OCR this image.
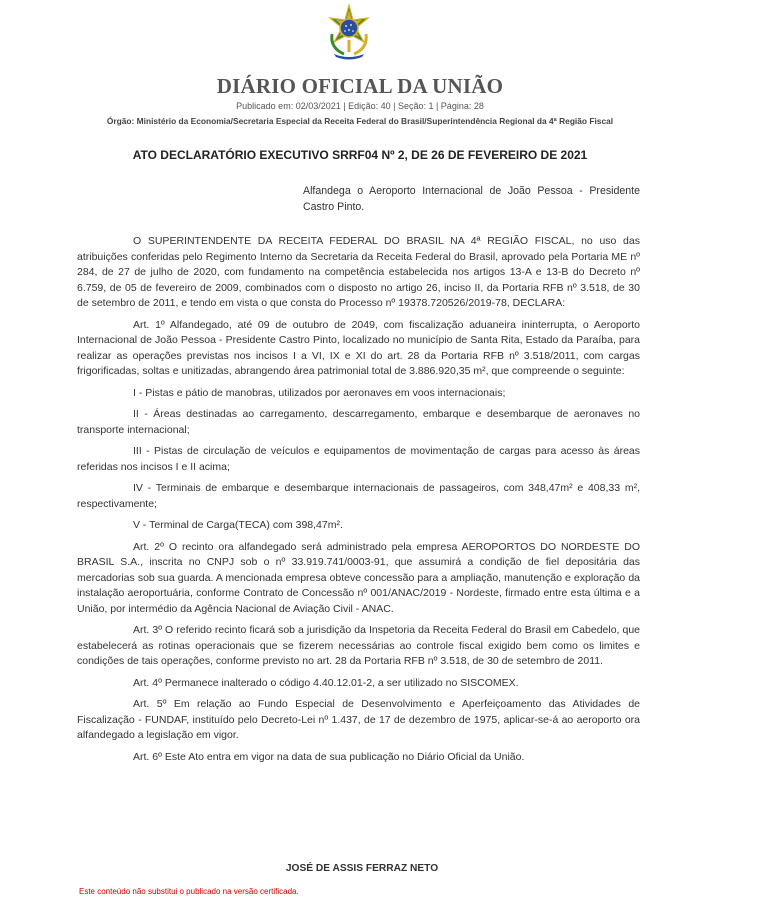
DIÁRIO OFICIAL DA UNIÃO
Publicado em: 02/03/2021 | Edição: 40 | Seção: 1 | Página: 28
Órgão: Ministério da Economia/Secretaria Especial da Receita Federal do Brasil/Superintendência Regional da 4ª Região Fiscal
ATO DECLARATÓRIO EXECUTIVO SRRF04 Nº 2, DE 26 DE FEVEREIRO DE 2021
Alfandega o Aeroporto Internacional de João Pessoa - Presidente Castro Pinto.

O SUPERINTENDENTE DA RECEITA FEDERAL DO BRASIL NA 4ª REGIÃO FISCAL, no uso das atribuições conferidas pelo Regimento Interno da Secretaria da Receita Federal do Brasil, aprovado pela Portaria ME nº 284, de 27 de julho de 2020, com fundamento na competência estabelecida nos artigos 13-A e 13-B do Decreto nº 6.759, de 05 de fevereiro de 2009, combinados com o disposto no artigo 26, inciso II, da Portaria RFB nº 3.518, de 30 de setembro de 2011, e tendo em vista o que consta do Processo nº 19378.720526/2019-78, DECLARA:

Art. 1º Alfandegado, até 09 de outubro de 2049, com fiscalização aduaneira ininterrupta, o Aeroporto Internacional de João Pessoa - Presidente Castro Pinto, localizado no município de Santa Rita, Estado da Paraíba, para realizar as operações previstas nos incisos I a VI, IX e XI do art. 28 da Portaria RFB nº 3.518/2011, com cargas frigorificadas, soltas e unitizadas, abrangendo área patrimonial total de 3.886.920,35 m², que compreende o seguinte:

I - Pistas e pátio de manobras, utilizados por aeronaves em voos internacionais;

II - Áreas destinadas ao carregamento, descarregamento, embarque e desembarque de aeronaves no transporte internacional;

III - Pistas de circulação de veículos e equipamentos de movimentação de cargas para acesso às áreas referidas nos incisos I e II acima;

IV - Terminais de embarque e desembarque internacionais de passageiros, com 348,47m² e 408,33 m², respectivamente;

V - Terminal de Carga(TECA) com 398,47m².

Art. 2º O recinto ora alfandegado será administrado pela empresa AEROPORTOS DO NORDESTE DO BRASIL S.A., inscrita no CNPJ sob o nº 33.919.741/0003-91, que assumirá a condição de fiel depositária das mercadorias sob sua guarda. A mencionada empresa obteve concessão para a ampliação, manutenção e exploração da instalação aeroportuária, conforme Contrato de Concessão nº 001/ANAC/2019 - Nordeste, firmado entre esta última e a União, por intermédio da Agência Nacional de Aviação Civil - ANAC.

Art. 3º O referido recinto ficará sob a jurisdição da Inspetoria da Receita Federal do Brasil em Cabedelo, que estabelecerá as rotinas operacionais que se fizerem necessárias ao controle fiscal exigido bem como os limites e condições de tais operações, conforme previsto no art. 28 da Portaria RFB nº 3.518, de 30 de setembro de 2011.

Art. 4º Permanece inalterado o código 4.40.12.01-2, a ser utilizado no SISCOMEX.

Art. 5º Em relação ao Fundo Especial de Desenvolvimento e Aperfeiçoamento das Atividades de Fiscalização - FUNDAF, instituído pelo Decreto-Lei nº 1.437, de 17 de dezembro de 1975, aplicar-se-á ao aeroporto ora alfandegado a legislação em vigor.

Art. 6º Este Ato entra em vigor na data de sua publicação no Diário Oficial da União.

JOSÉ DE ASSIS FERRAZ NETO
Este conteúdo não substitui o publicado na versão certificada.
